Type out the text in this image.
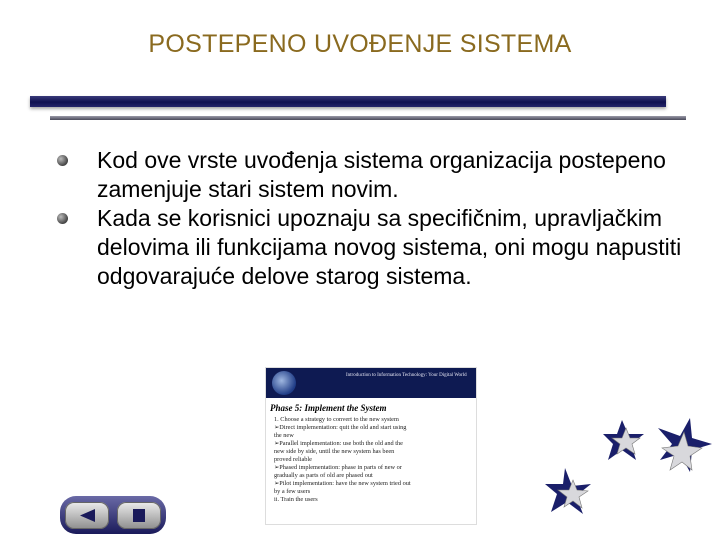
POSTEPENO UVOĐENJE SISTEMA
Kod ove vrste uvođenja sistema organizacija postepeno zamenjuje stari sistem novim.
Kada se korisnici upoznaju sa specifičnim, upravljačkim delovima ili funkcijama novog sistema, oni mogu napustiti odgovarajuće delove starog sistema.
Introduction to Information Technology: Your Digital World
Phase 5: Implement the System
1. Choose a strategy to convert to the new system
➢Direct implementation: quit the old and start using
the new
➢Parallel implementation: use both the old and the
new side by side, until the new system has been
proved reliable
➢Phased implementation: phase in parts of new or
gradually as parts of old are phased out
➢Pilot implementation: have the new system tried out
by a few users
ii. Train the users
